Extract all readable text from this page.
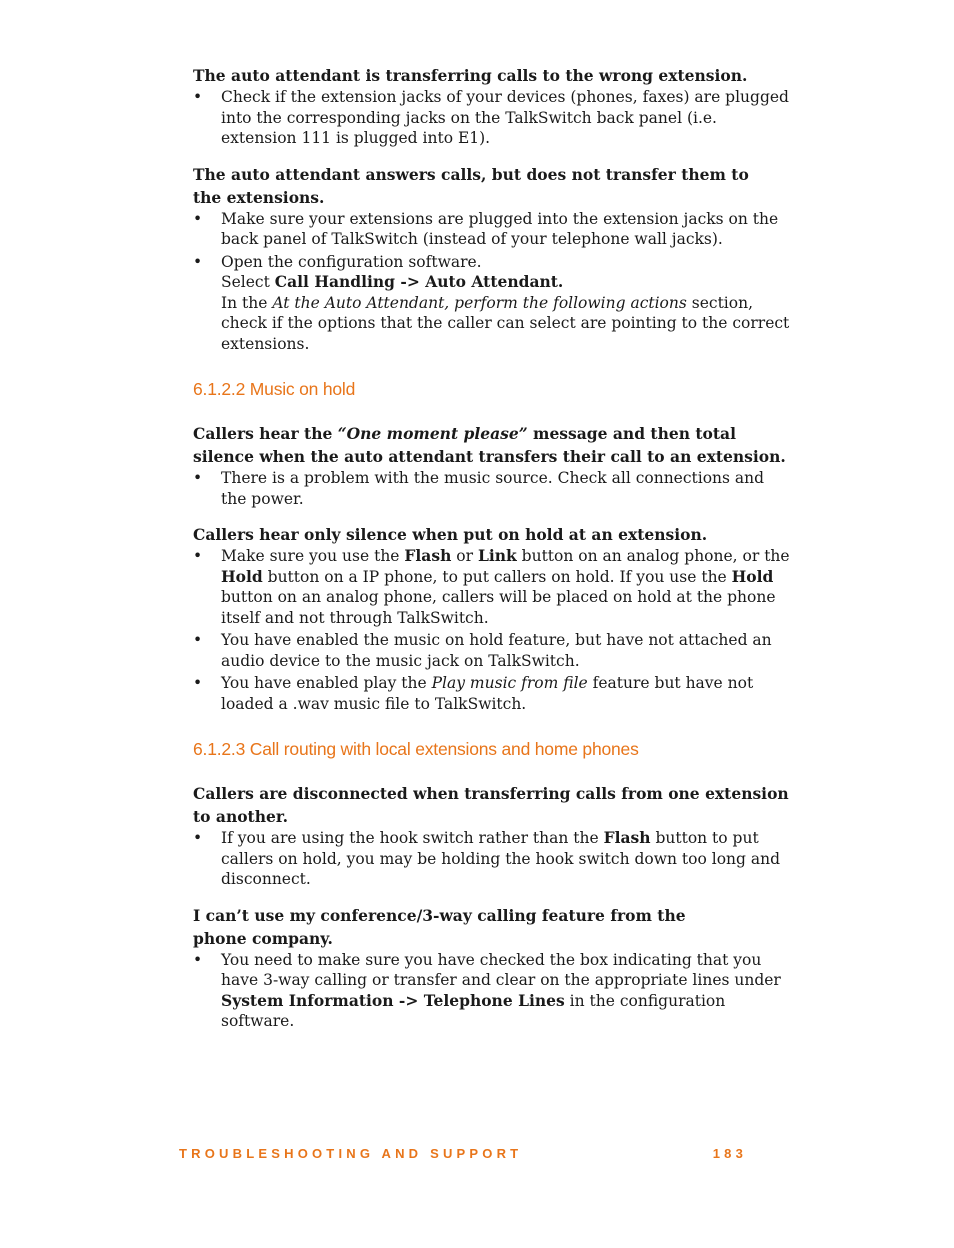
The auto attendant is transferring calls to the wrong extension.

• Check if the extension jacks of your devices (phones, faxes) are plugged into the corresponding jacks on the TalkSwitch back panel (i.e. extension 111 is plugged into E1).

The auto attendant answers calls, but does not transfer them to
the extensions.

• Make sure your extensions are plugged into the extension jacks on the back panel of TalkSwitch (instead of your telephone wall jacks).
• Open the configuration software.
Select Call Handling -> Auto Attendant.
In the At the Auto Attendant, perform the following actions section, check if the options that the caller can select are pointing to the correct extensions.

6.1.2.2 Music on hold

Callers hear the “One moment please” message and then total silence when the auto attendant transfers their call to an extension.

• There is a problem with the music source. Check all connections and the power.

Callers hear only silence when put on hold at an extension.

• Make sure you use the Flash or Link button on an analog phone, or the Hold button on a IP phone, to put callers on hold. If you use the Hold button on an analog phone, callers will be placed on hold at the phone itself and not through TalkSwitch.
• You have enabled the music on hold feature, but have not attached an audio device to the music jack on TalkSwitch.
• You have enabled play the Play music from file feature but have not loaded a .wav music file to TalkSwitch.

6.1.2.3 Call routing with local extensions and home phones

Callers are disconnected when transferring calls from one extension
to another.

• If you are using the hook switch rather than the Flash button to put callers on hold, you may be holding the hook switch down too long and disconnect.

I can’t use my conference/3-way calling feature from the
phone company.

• You need to make sure you have checked the box indicating that you have 3-way calling or transfer and clear on the appropriate lines under System Information -> Telephone Lines in the configuration software.
TROUBLESHOOTING AND SUPPORT	183
